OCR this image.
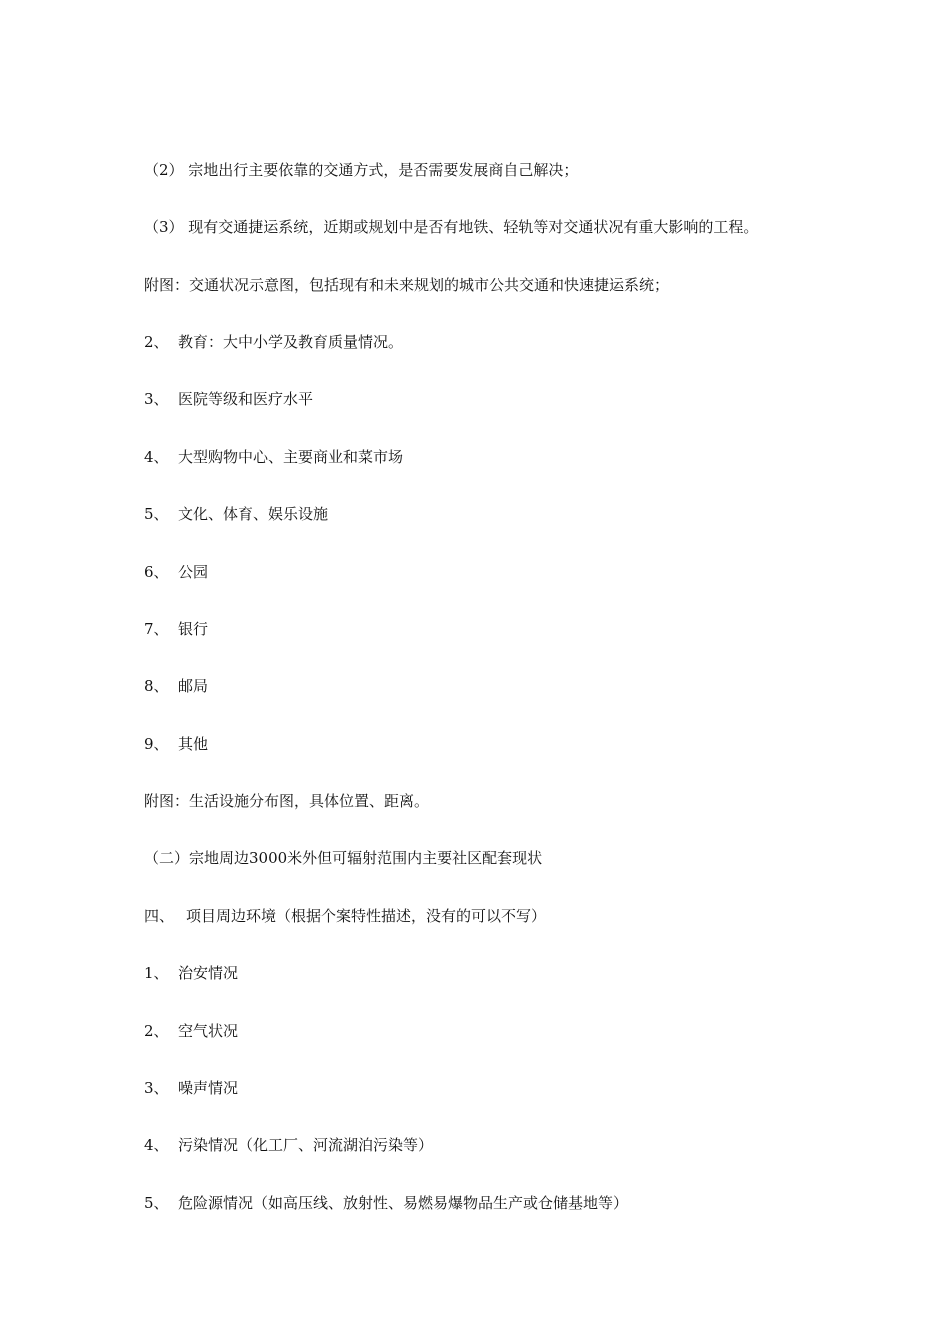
（2） 宗地出行主要依靠的交通方式，是否需要发展商自己解决；
（3） 现有交通捷运系统，近期或规划中是否有地铁、轻轨等对交通状况有重大影响的工程。
附图：交通状况示意图，包括现有和未来规划的城市公共交通和快速捷运系统；
2、 教育：大中小学及教育质量情况。
3、 医院等级和医疗水平
4、 大型购物中心、主要商业和菜市场
5、 文化、体育、娱乐设施
6、 公园
7、 银行
8、 邮局
9、 其他
附图：生活设施分布图，具体位置、距离。
（二）宗地周边3000米外但可辐射范围内主要社区配套现状
四、 项目周边环境（根据个案特性描述，没有的可以不写）
1、 治安情况
2、 空气状况
3、 噪声情况
4、 污染情况（化工厂、河流湖泊污染等）
5、 危险源情况（如高压线、放射性、易燃易爆物品生产或仓储基地等）
